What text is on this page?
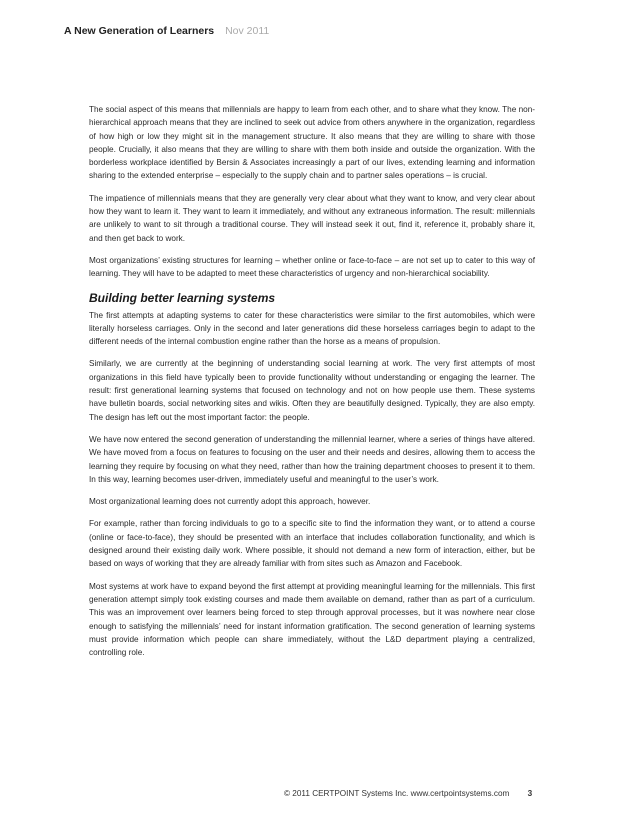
A New Generation of Learners Nov 2011

The social aspect of this means that millennials are happy to learn from each other, and to share what they know. The non-hierarchical approach means that they are inclined to seek out advice from others anywhere in the organization, regardless of how high or low they might sit in the management structure. It also means that they are willing to share with those people. Crucially, it also means that they are willing to share with them both inside and outside the organization. With the borderless workplace identified by Bersin & Associates increasingly a part of our lives, extending learning and information sharing to the extended enterprise – especially to the supply chain and to partner sales operations – is crucial.

The impatience of millennials means that they are generally very clear about what they want to know, and very clear about how they want to learn it. They want to learn it immediately, and without any extraneous information. The result: millennials are unlikely to want to sit through a traditional course. They will instead seek it out, find it, reference it, probably share it, and then get back to work.

Most organizations’ existing structures for learning – whether online or face-to-face – are not set up to cater to this way of learning. They will have to be adapted to meet these characteristics of urgency and non-hierarchical sociability.

Building better learning systems

The first attempts at adapting systems to cater for these characteristics were similar to the first automobiles, which were literally horseless carriages. Only in the second and later generations did these horseless carriages begin to adapt to the different needs of the internal combustion engine rather than the horse as a means of propulsion.

Similarly, we are currently at the beginning of understanding social learning at work. The very first attempts of most organizations in this field have typically been to provide functionality without understanding or engaging the learner. The result: first generational learning systems that focused on technology and not on how people use them. These systems have bulletin boards, social networking sites and wikis. Often they are beautifully designed. Typically, they are also empty. The design has left out the most important factor: the people.

We have now entered the second generation of understanding the millennial learner, where a series of things have altered. We have moved from a focus on features to focusing on the user and their needs and desires, allowing them to access the learning they require by focusing on what they need, rather than how the training department chooses to present it to them. In this way, learning becomes user-driven, immediately useful and meaningful to the user’s work.

Most organizational learning does not currently adopt this approach, however.

For example, rather than forcing individuals to go to a specific site to find the information they want, or to attend a course (online or face-to-face), they should be presented with an interface that includes collaboration functionality, and which is designed around their existing daily work. Where possible, it should not demand a new form of interaction, either, but be based on ways of working that they are already familiar with from sites such as Amazon and Facebook.

Most systems at work have to expand beyond the first attempt at providing meaningful learning for the millennials. This first generation attempt simply took existing courses and made them available on demand, rather than as part of a curriculum. This was an improvement over learners being forced to step through approval processes, but it was nowhere near close enough to satisfying the millennials’ need for instant information gratification. The second generation of learning systems must provide information which people can share immediately, without the L&D department playing a centralized, controlling role.

© 2011 CERTPOINT Systems Inc. www.certpointsystems.com 3
